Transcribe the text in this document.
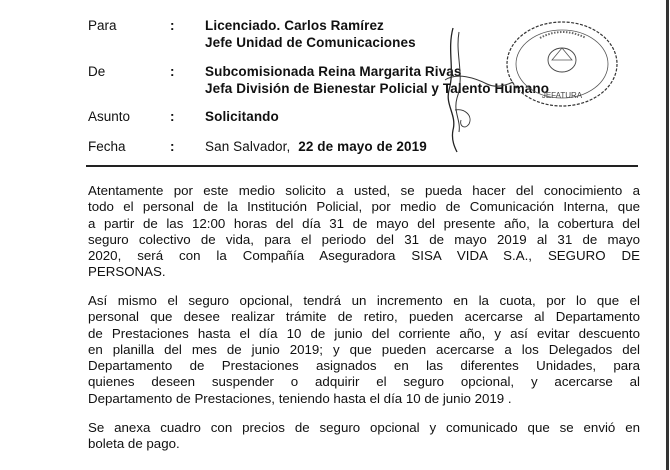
Para	: Licenciado. Carlos Ramírez
Jefe Unidad de Comunicaciones
De	: Subcomisionada Reina Margarita Rivas
Jefa División de Bienestar Policial y Talento Humano
Asunto	: Solicitando
Fecha	: San Salvador, 22 de mayo de 2019
Atentamente por este medio solicito a usted, se pueda hacer del conocimiento a
todo el personal de la Institución Policial, por medio de Comunicación Interna, que
a partir de las 12:00 horas del día 31 de mayo del presente año, la cobertura del
seguro colectivo de vida, para el periodo del 31 de mayo 2019 al 31 de mayo
2020, será con la Compañía Aseguradora SISA VIDA S.A., SEGURO DE
PERSONAS.
Así mismo el seguro opcional, tendrá un incremento en la cuota, por lo que el
personal que desee realizar trámite de retiro, pueden acercarse al Departamento
de Prestaciones hasta el día 10 de junio del corriente año, y así evitar descuento
en planilla del mes de junio 2019; y que pueden acercarse a los Delegados del
Departamento de Prestaciones asignados en las diferentes Unidades, para
quienes deseen suspender o adquirir el seguro opcional, y acercarse al
Departamento de Prestaciones, teniendo hasta el día 10 de junio 2019 .
Se anexa cuadro con precios de seguro opcional y comunicado que se envió en
boleta de pago.
JEFATURA
